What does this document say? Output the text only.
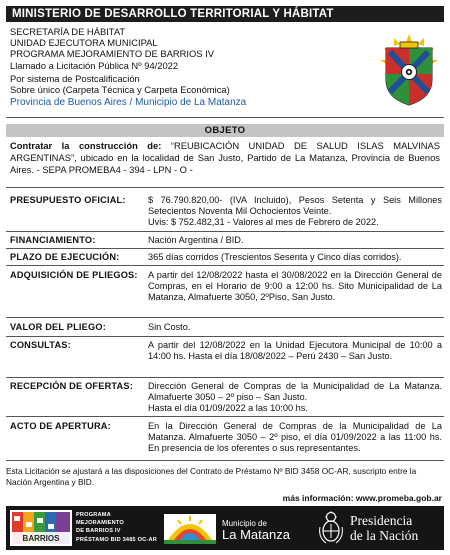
MINISTERIO DE DESARROLLO TERRITORIAL Y HÁBITAT
SECRETARÍA DE HÁBITAT
UNIDAD EJECUTORA MUNICIPAL
PROGRAMA MEJORAMIENTO DE BARRIOS IV
Llamado a Licitación Pública Nº 94/2022
Por sistema de Postcalificación
Sobre único (Carpeta Técnica y Carpeta Económica)
Provincia de Buenos Aires / Municipio de La Matanza
OBJETO
Contratar la construcción de: “REUBICACIÓN UNIDAD DE SALUD ISLAS MALVINAS ARGENTINAS”, ubicado en la localidad de San Justo, Partido de La Matanza, Provincia de Buenos Aires. - SEPA PROMEBA4 - 394 - LPN - O -
PRESUPUESTO OFICIAL:	$ 76.790.820,00- (IVA Incluido), Pesos Setenta y Seis Millones Setecientos Noventa Mil Ochocientos Veinte.
Uvis: $ 752.482,31 - Valores al mes de Febrero de 2022.
FINANCIAMIENTO:	Nación Argentina / BID.
PLAZO DE EJECUCIÓN:	365 días corridos (Trescientos Sesenta y Cinco días corridos).
ADQUISICIÓN DE PLIEGOS: A partir del 12/08/2022 hasta el 30/08/2022 en la Dirección General de Compras, en el Horario de 9:00 a 12:00 hs. Sito Municipalidad de La Matanza, Almafuerte 3050, 2ºPiso, San Justo.
VALOR DEL PLIEGO:	Sin Costo.
CONSULTAS:	A partir del 12/08/2022 en la Unidad Ejecutora Municipal de 10:00 a 14:00 hs. Hasta el día 18/08/2022 – Perú 2430 – San Justo.
RECEPCIÓN DE OFERTAS:	Dirección General de Compras de la Municipalidad de La Matanza. Almafuerte 3050 – 2º piso – San Justo.
Hasta el día 01/09/2022 a las 10:00 hs.
ACTO DE APERTURA:	En la Dirección General de Compras de la Municipalidad de La Matanza. Almafuerte 3050 – 2º piso, el día 01/09/2022 a las 11:00 hs. En presencia de los oferentes o sus representantes.
Esta Licitación se ajustará a las disposiciones del Contrato de Préstamo Nº BID 3458 OC-AR, suscripto entre la Nación Argentina y BID.
más información: www.promeba.gob.ar
BARRIOS
PROGRAMA
MEJORAMIENTO
DE BARRIOS IV
PRÉSTAMO BID 3485 OC-AR
Municipio de
La Matanza
Presidencia
de la Nación
